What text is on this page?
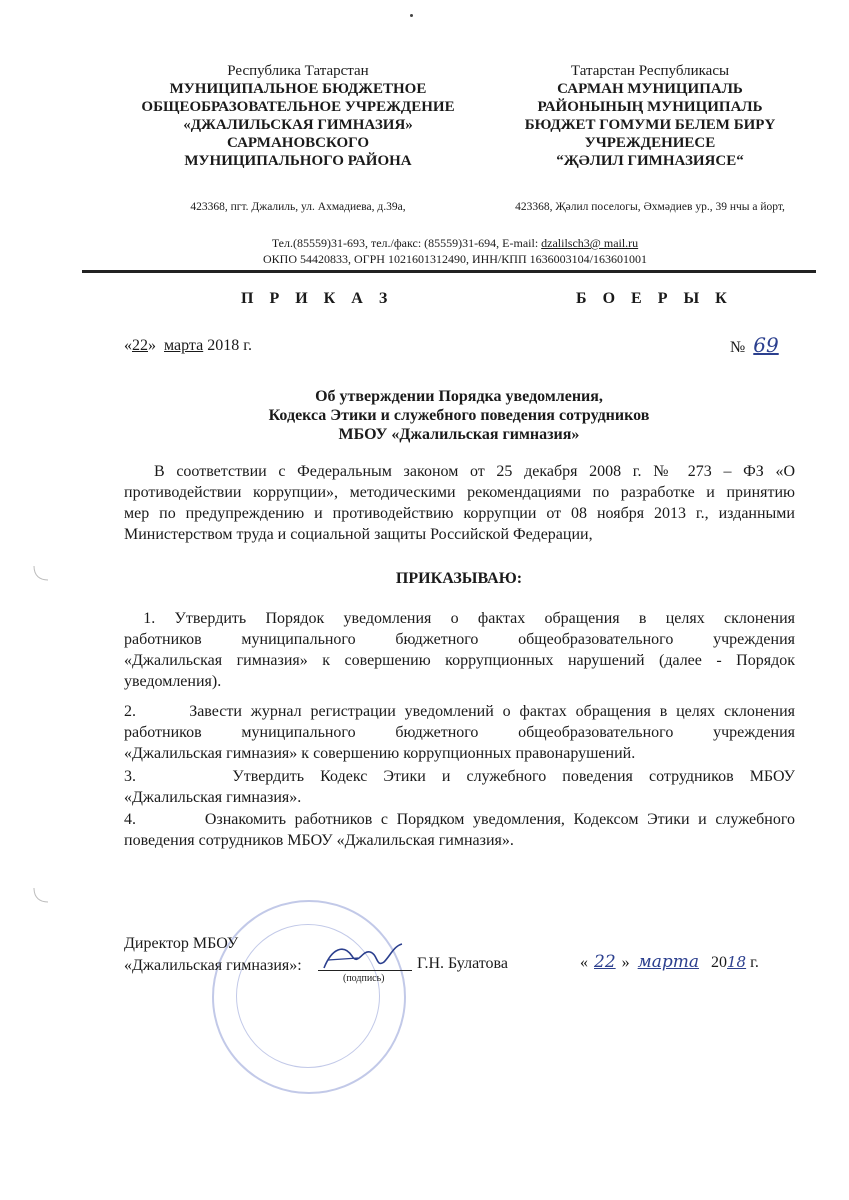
Республика Татарстан
МУНИЦИПАЛЬНОЕ БЮДЖЕТНОЕ
ОБЩЕОБРАЗОВАТЕЛЬНОЕ УЧРЕЖДЕНИЕ
«ДЖАЛИЛЬСКАЯ ГИМНАЗИЯ»
САРМАНОВСКОГО
МУНИЦИПАЛЬНОГО РАЙОНА
423368, пгт. Джалиль, ул. Ахмадиева, д.39а,
Татарстан Республикасы
САРМАН МУНИЦИПАЛЬ
РАЙОНЫНЫҢ МУНИЦИПАЛЬ
БЮДЖЕТ ГОМУМИ БЕЛЕМ БИРҮ
УЧРЕЖДЕНИЕСЕ
“ҖӘЛИЛ ГИМНАЗИЯСЕ“
423368, Җәлил поселогы, Әхмәдиев ур., 39 нчы а йорт,
Тел.(85559)31-693, тел./факс: (85559)31-694, E-mail: dzalilsch3@ mail.ru
ОКПО 54420833, ОГРН 1021601312490, ИНН/КПП 1636003104/163601001
П Р И К А З	Б О Е Р Ы К
«22» марта 2018 г.	№ 69
Об утверждении Порядка уведомления,
Кодекса Этики и служебного поведения сотрудников
МБОУ «Джалильская гимназия»
В соответствии с Федеральным законом от 25 декабря 2008 г. № 273 – ФЗ «О
противодействии коррупции», методическими рекомендациями по разработке и принятию
мер по предупреждению и противодействию коррупции от 08 ноября 2013 г., изданными
Министерством труда и социальной защиты Российской Федерации,
ПРИКАЗЫВАЮ:
1. Утвердить Порядок уведомления о фактах обращения в целях склонения
работников муниципального бюджетного общеобразовательного учреждения
«Джалильская гимназия» к совершению коррупционных нарушений (далее - Порядок
уведомления).
2.      Завести журнал регистрации уведомлений о фактах обращения в целях склонения
работников муниципального бюджетного общеобразовательного учреждения
«Джалильская гимназия» к совершению коррупционных правонарушений.
3.      Утвердить Кодекс Этики и служебного поведения сотрудников МБОУ
«Джалильская гимназия».
4.        Ознакомить работников с Порядком уведомления, Кодексом Этики и служебного
поведения сотрудников МБОУ «Джалильская гимназия».
Директор МБОУ
«Джалильская гимназия»:
(подпись)
Г.Н. Булатова	« 22 » марта 2018 г.
